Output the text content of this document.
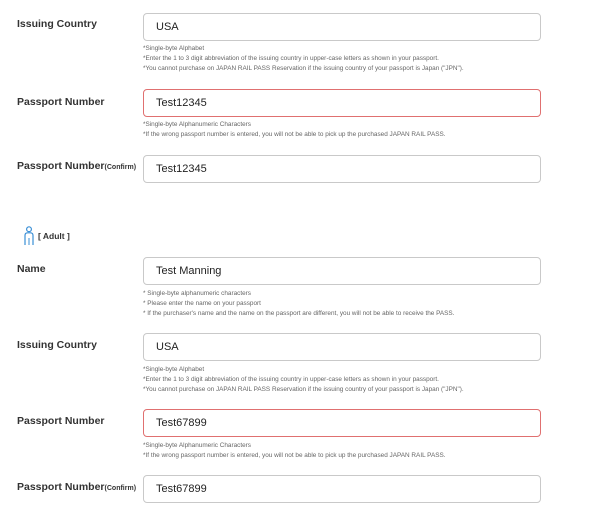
Issuing Country
USA
*Single-byte Alphabet
*Enter the 1 to 3 digit abbreviation of the issuing country in upper-case letters as shown in your passport.
*You cannot purchase on JAPAN RAIL PASS Reservation if the issuing country of your passport is Japan ("JPN").
Passport Number
Test12345
*Single-byte Alphanumeric Characters
*If the wrong passport number is entered, you will not be able to pick up the purchased JAPAN RAIL PASS.
Passport Number(Confirm)
Test12345
[ Adult ]
Name
Test Manning
* Single-byte alphanumeric characters
* Please enter the name on your passport
* If the purchaser's name and the name on the passport are different, you will not be able to receive the PASS.
Issuing Country
USA
*Single-byte Alphabet
*Enter the 1 to 3 digit abbreviation of the issuing country in upper-case letters as shown in your passport.
*You cannot purchase on JAPAN RAIL PASS Reservation if the issuing country of your passport is Japan ("JPN").
Passport Number
Test67899
*Single-byte Alphanumeric Characters
*If the wrong passport number is entered, you will not be able to pick up the purchased JAPAN RAIL PASS.
Passport Number(Confirm)
Test67899
